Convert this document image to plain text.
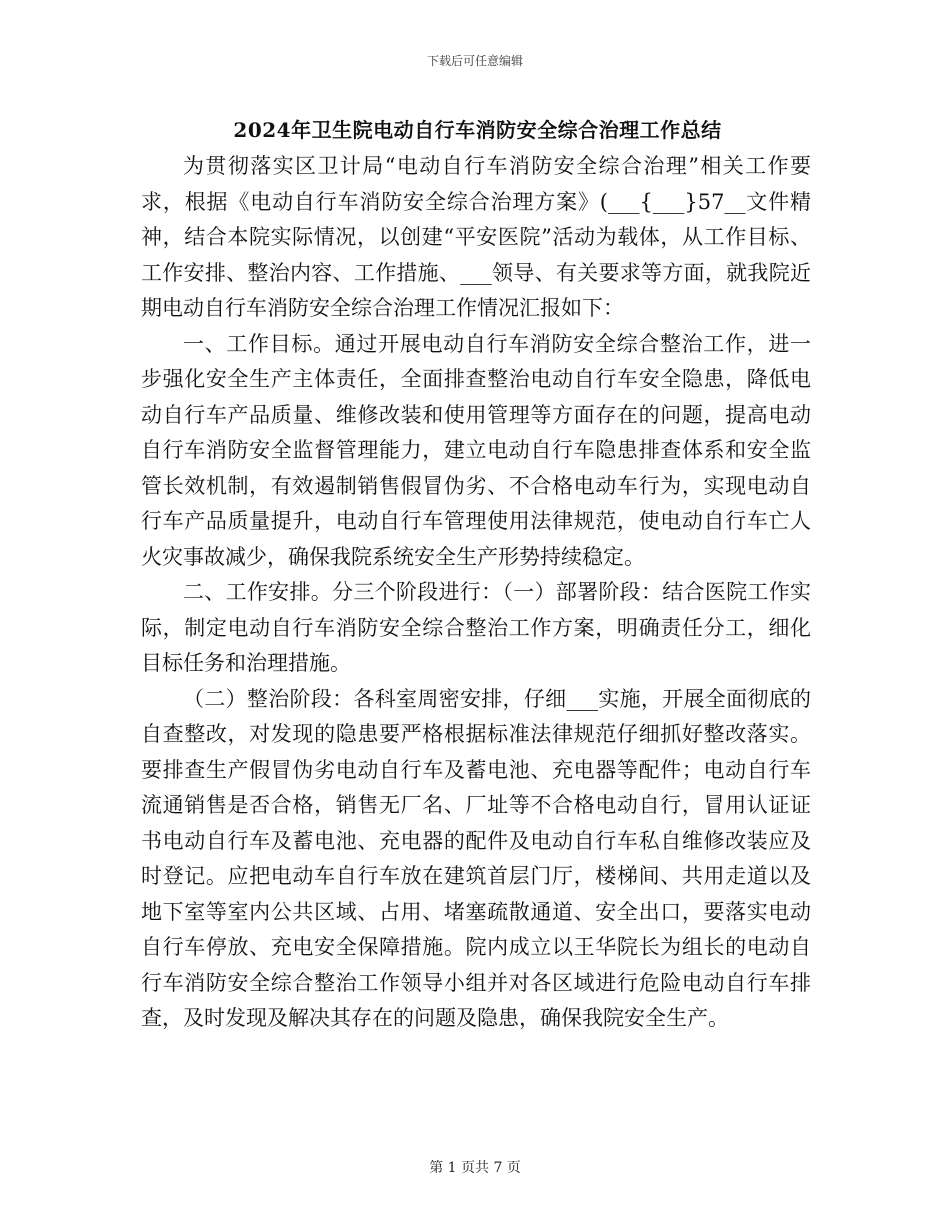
下载后可任意编辑
2024年卫生院电动自行车消防安全综合治理工作总结

为贯彻落实区卫计局“电动自行车消防安全综合治理”相关工作要求，根据《电动自行车消防安全综合治理方案》(___{___}57__文件精神，结合本院实际情况，以创建“平安医院”活动为载体，从工作目标、工作安排、整治内容、工作措施、___领导、有关要求等方面，就我院近期电动自行车消防安全综合治理工作情况汇报如下：

一、工作目标。通过开展电动自行车消防安全综合整治工作，进一步强化安全生产主体责任，全面排查整治电动自行车安全隐患，降低电动自行车产品质量、维修改装和使用管理等方面存在的问题，提高电动自行车消防安全监督管理能力，建立电动自行车隐患排查体系和安全监管长效机制，有效遏制销售假冒伪劣、不合格电动车行为，实现电动自行车产品质量提升，电动自行车管理使用法律规范，使电动自行车亡人火灾事故减少，确保我院系统安全生产形势持续稳定。

二、工作安排。分三个阶段进行：（一）部署阶段：结合医院工作实际，制定电动自行车消防安全综合整治工作方案，明确责任分工，细化目标任务和治理措施。

（二）整治阶段：各科室周密安排，仔细___实施，开展全面彻底的自查整改，对发现的隐患要严格根据标准法律规范仔细抓好整改落实。要排查生产假冒伪劣电动自行车及蓄电池、充电器等配件；电动自行车流通销售是否合格，销售无厂名、厂址等不合格电动自行，冒用认证证书电动自行车及蓄电池、充电器的配件及电动自行车私自维修改装应及时登记。应把电动车自行车放在建筑首层门厅，楼梯间、共用走道以及地下室等室内公共区域、占用、堵塞疏散通道、安全出口，要落实电动自行车停放、充电安全保障措施。院内成立以王华院长为组长的电动自行车消防安全综合整治工作领导小组并对各区域进行危险电动自行车排查，及时发现及解决其存在的问题及隐患，确保我院安全生产。

第 1 页共 7 页
